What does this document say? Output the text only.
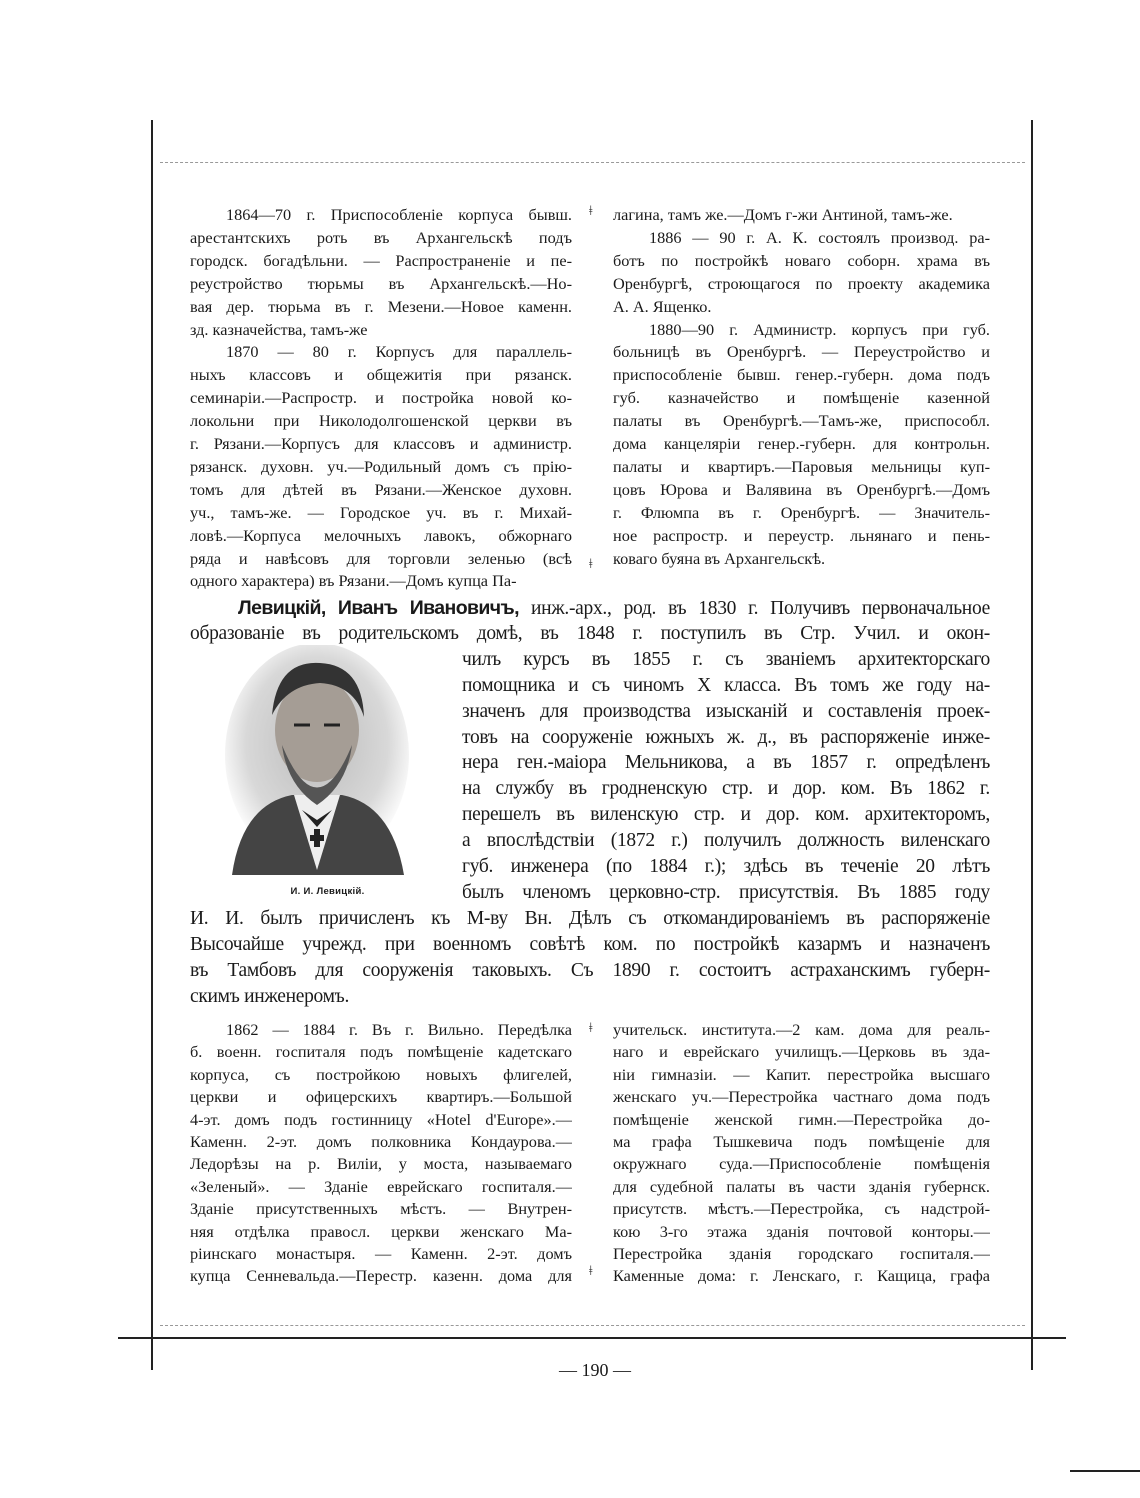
1864—70 г. Приспособленіе корпуса бывш.
арестантскихъ роть въ Архангельскѣ подъ
городск. богадѣльни. — Распространеніе и пе-
реустройство тюрьмы въ Архангельскѣ.—Но-
вая дер. тюрьма въ г. Мезени.—Новое каменн.
зд. казначейства, тамъ-же
1870 — 80 г. Корпусъ для параллель-
ныхъ классовъ и общежитія при рязанск.
семинаріи.—Распростр. и постройка новой ко-
локольни при Николодолгошенской церкви въ
г. Рязани.—Корпусъ для классовъ и администр.
рязанск. духовн. уч.—Родильный домъ съ прію-
томъ для дѣтей въ Рязани.—Женское духовн.
уч., тамъ-же. — Городское уч. въ г. Михай-
ловѣ.—Корпуса мелочныхъ лавокъ, обжорнаго
ряда и навѣсовъ для торговли зеленью (всѣ
одного характера) въ Рязани.—Домъ купца Па-
лагина, тамъ же.—Домъ г-жи Антиной, тамъ-же.
1886 — 90 г. А. К. состоялъ производ. ра-
ботъ по постройкѣ новаго соборн. храма въ
Оренбургѣ, строющагося по проекту академика
А. А. Ященко.
1880—90 г. Администр. корпусъ при губ.
больницѣ въ Оренбургѣ. — Переустройство и
приспособленіе бывш. генер.-губерн. дома подъ
губ. казначейство и помѣщеніе казенной
палаты въ Оренбургѣ.—Тамъ-же, приспособл.
дома канцеляріи генер.-губерн. для контрольн.
палаты и квартиръ.—Паровыя мельницы куп-
цовъ Юрова и Валявина въ Оренбургѣ.—Домъ
г. Флюмпа въ г. Оренбургѣ. — Значитель-
ное распростр. и переустр. льнянаго и пень-
коваго буяна въ Архангельскѣ.
ǂ
ǂ
Левицкій, Иванъ Ивановичъ, инж.-арх., род. въ 1830 г. Получивъ первоначальное
образованіе въ родительскомъ домѣ, въ 1848 г. поступилъ въ Стр. Учил. и окон-
чилъ курсъ въ 1855 г. съ званіемъ архитекторскаго
помощника и съ чиномъ X класса. Въ томъ же году на-
значенъ для производства изысканій и составленія проек-
товъ на сооруженіе южныхъ ж. д., въ распоряженіе инже-
нера ген.-маіора Мельникова, а въ 1857 г. опредѣленъ
на службу въ гродненскую стр. и дор. ком. Въ 1862 г.
перешелъ въ виленскую стр. и дор. ком. архитекторомъ,
а впослѣдствіи (1872 г.) получилъ должность виленскаго
губ. инженера (по 1884 г.); здѣсь въ теченіе 20 лѣтъ
былъ членомъ церковно-стр. присутствія. Въ 1885 году
И. И. былъ причисленъ къ М-ву Вн. Дѣлъ съ откомандированіемъ въ распоряженіе
Высочайше учрежд. при военномъ совѣтѣ ком. по постройкѣ казармъ и назначенъ
въ Тамбовъ для сооруженія таковыхъ. Съ 1890 г. состоитъ астраханскимъ губерн-
скимъ инженеромъ.
И. И. Левицкій.
1862 — 1884 г. Въ г. Вильно. Передѣлка
б. военн. госпиталя подъ помѣщеніе кадетскаго
корпуса, съ постройкою новыхъ флигелей,
церкви и офицерскихъ квартиръ.—Большой
4-эт. домъ подъ гостинницу «Hotel d'Europe».—
Каменн. 2-эт. домъ полковника Кондаурова.—
Ледорѣзы на р. Виліи, у моста, называемаго
«Зеленый». — Зданіе еврейскаго госпиталя.—
Зданіе присутственныхъ мѣстъ. — Внутрен-
няя отдѣлка правосл. церкви женскаго Ма-
ріинскаго монастыря. — Каменн. 2-эт. домъ
купца Сенневальда.—Перестр. казенн. дома для
учительск. института.—2 кам. дома для реаль-
наго и еврейскаго училищъ.—Церковь въ зда-
ніи гимназіи. — Капит. перестройка высшаго
женскаго уч.—Перестройка частнаго дома подъ
помѣщеніе женской гимн.—Перестройка до-
ма графа Тышкевича подъ помѣщеніе для
окружнаго суда.—Приспособленіе помѣщенія
для судебной палаты въ части зданія губернск.
присутств. мѣстъ.—Перестройка, съ надстрой-
кою 3-го этажа зданія почтовой конторы.—
Перестройка зданія городскаго госпиталя.—
Каменные дома: г. Ленскаго, г. Кащица, графа
ǂ
ǂ
— 190 —
